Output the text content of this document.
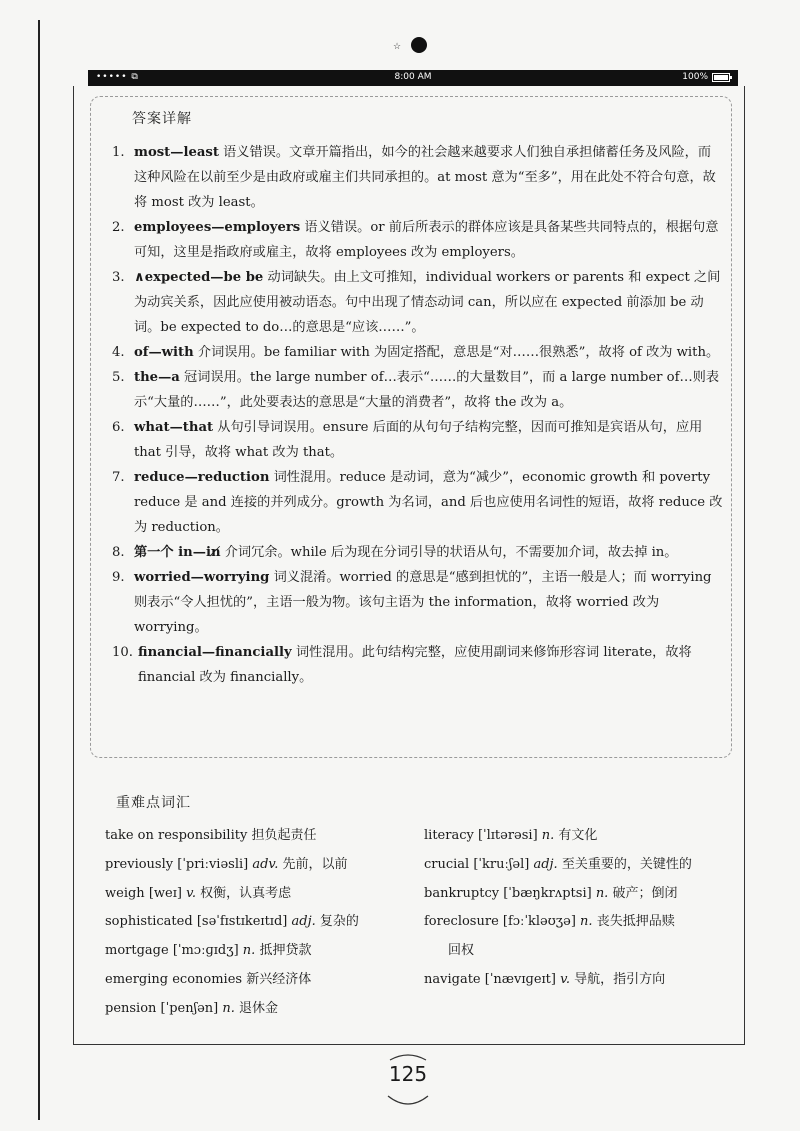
☆
••••• ⧉	8:00 AM	100%
答案详解
1. most—least 语义错误。文章开篇指出，如今的社会越来越要求人们独自承担储蓄任务及风险，而这种风险在以前至少是由政府或雇主们共同承担的。at most 意为“至多”，用在此处不符合句意，故将 most 改为 least。
2. employees—employers 语义错误。or 前后所表示的群体应该是具备某些共同特点的，根据句意可知，这里是指政府或雇主，故将 employees 改为 employers。
3. ∧expected—be be 动词缺失。由上文可推知，individual workers or parents 和 expect 之间为动宾关系，因此应使用被动语态。句中出现了情态动词 can，所以应在 expected 前添加 be 动词。be expected to do…的意思是“应该……”。
4. of—with 介词误用。be familiar with 为固定搭配，意思是“对……很熟悉”，故将 of 改为 with。
5. the—a 冠词误用。the large number of…表示“……的大量数目”，而 a large number of…则表示“大量的……”，此处要表达的意思是“大量的消费者”，故将 the 改为 a。
6. what—that 从句引导词误用。ensure 后面的从句句子结构完整，因而可推知是宾语从句，应用 that 引导，故将 what 改为 that。
7. reduce—reduction 词性混用。reduce 是动词，意为“减少”，economic growth 和 poverty reduce 是 and 连接的并列成分。growth 为名词，and 后也应使用名词性的短语，故将 reduce 改为 reduction。
8. 第一个 in—in̸ 介词冗余。while 后为现在分词引导的状语从句，不需要加介词，故去掉 in。
9. worried—worrying 词义混淆。worried 的意思是“感到担忧的”，主语一般是人；而 worrying 则表示“令人担忧的”，主语一般为物。该句主语为 the information，故将 worried 改为 worrying。
10. financial—financially 词性混用。此句结构完整，应使用副词来修饰形容词 literate，故将 financial 改为 financially。
重难点词汇
take on responsibility 担负起责任
previously [ˈpriːviəsli] adv. 先前，以前
weigh [weɪ] v. 权衡，认真考虑
sophisticated [səˈfɪstɪkeɪtɪd] adj. 复杂的
mortgage [ˈmɔːɡɪdʒ] n. 抵押贷款
emerging economies 新兴经济体
pension [ˈpenʃən] n. 退休金
literacy [ˈlɪtərəsi] n. 有文化
crucial [ˈkruːʃəl] adj. 至关重要的，关键性的
bankruptcy [ˈbæŋkrʌptsi] n. 破产；倒闭
foreclosure [fɔːˈkləʊʒə] n. 丧失抵押品赎
回权
navigate [ˈnævɪɡeɪt] v. 导航，指引方向
125
